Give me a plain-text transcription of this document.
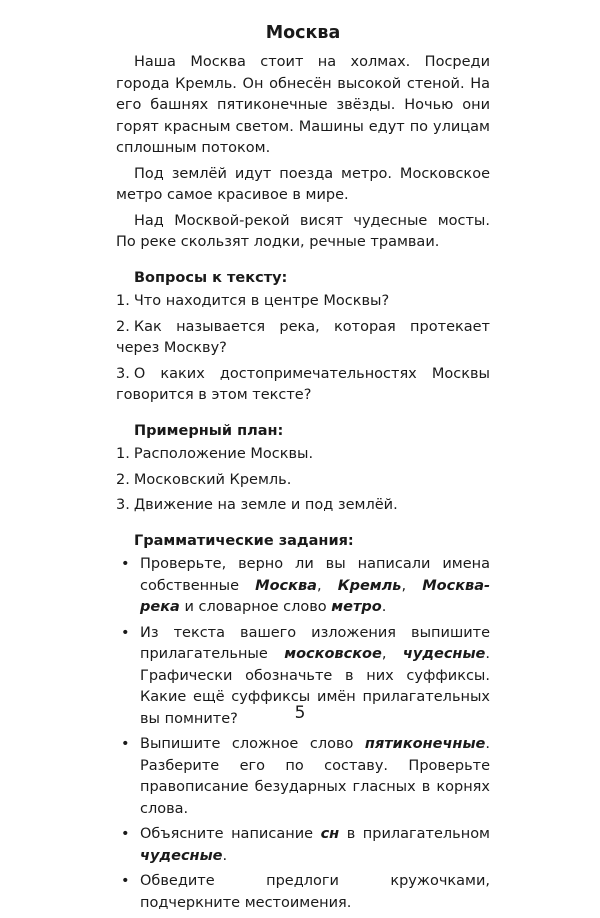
Москва

Наша Москва стоит на холмах. Посреди города Кремль. Он обнесён высокой стеной. На его башнях пятиконечные звёзды. Ночью они горят красным светом. Машины едут по улицам сплошным потоком.

Под землёй идут поезда метро. Московское метро самое красивое в мире.

Над Москвой-рекой висят чудесные мосты. По реке скользят лодки, речные трамваи.

Вопросы к тексту:
1. Что находится в центре Москвы?
2. Как называется река, которая протекает через Москву?
3. О каких достопримечательностях Москвы говорится в этом тексте?
Примерный план:
1. Расположение Москвы.
2. Московский Кремль.
3. Движение на земле и под землёй.
Грамматические задания:
• Проверьте, верно ли вы написали имена собственные Москва, Кремль, Москва-река и словарное слово метро.
• Из текста вашего изложения выпишите прилагательные московское, чудесные. Графически обозначьте в них суффиксы. Какие ещё суффиксы имён прилагательных вы помните?
• Выпишите сложное слово пятиконечные. Разберите его по составу. Проверьте правописание безударных гласных в корнях слова.
• Объясните написание сн в прилагательном чудесные.
• Обведите предлоги кружочками, подчеркните местоимения.
5
